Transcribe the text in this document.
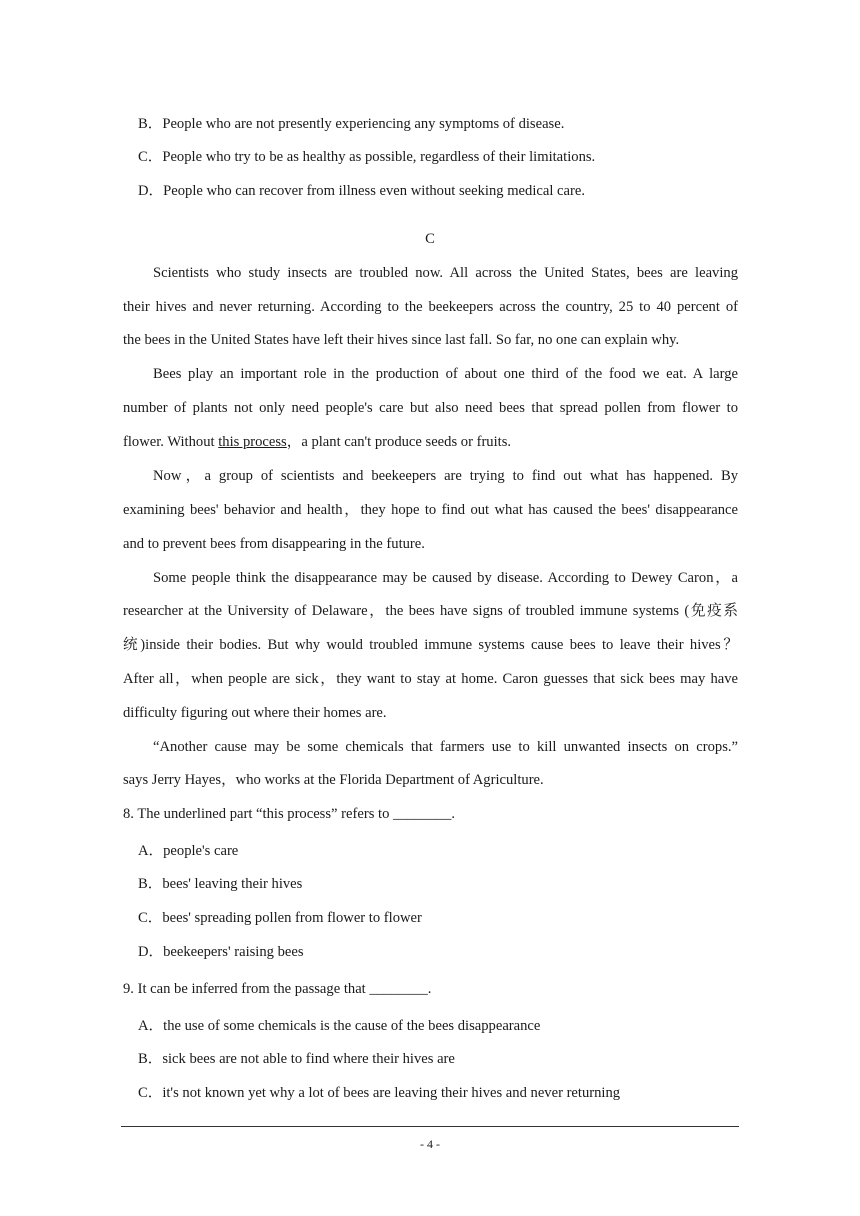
B．People who are not presently experiencing any symptoms of disease.
C．People who try to be as healthy as possible, regardless of their limitations.
D．People who can recover from illness even without seeking medical care.
C
Scientists who study insects are troubled now. All across the United States, bees are leaving
their hives and never returning. According to the beekeepers across the country, 25 to 40 percent of
the bees in the United States have left their hives since last fall. So far, no one can explain why.
Bees play an important role in the production of about one third of the food we eat. A large
number of plants not only need people's care but also need bees that spread pollen from flower to
flower. Without this process，a plant can't produce seeds or fruits.
Now，a group of scientists and beekeepers are trying to find out what has happened. By
examining bees' behavior and health，they hope to find out what has caused the bees' disappearance
and to prevent bees from disappearing in the future.
Some people think the disappearance may be caused by disease. According to Dewey Caron，a
researcher at the University of Delaware，the bees have signs of troubled immune systems (免疫系
统)inside their bodies. But why would troubled immune systems cause bees to leave their hives？
After all，when people are sick，they want to stay at home. Caron guesses that sick bees may have
difficulty figuring out where their homes are.
“Another cause may be some chemicals that farmers use to kill unwanted insects on crops.”
says Jerry Hayes，who works at the Florida Department of Agriculture.
8. The underlined part “this process” refers to ________.
A．people's care
B．bees' leaving their hives
C．bees' spreading pollen from flower to flower
D．beekeepers' raising bees
9. It can be inferred from the passage that ________.
A．the use of some chemicals is the cause of the bees disappearance
B．sick bees are not able to find where their hives are
C．it's not known yet why a lot of bees are leaving their hives and never returning
- 4 -
